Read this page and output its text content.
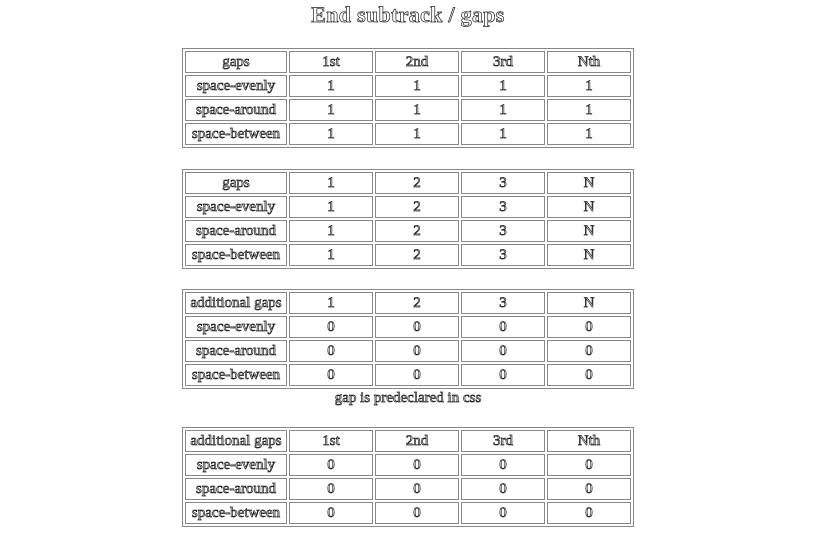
End subtrack / gaps
gaps	1st	2nd	3rd	Nth
space-evenly	1	1	1	1
space-around	1	1	1	1
space-between	1	1	1	1
gaps	1	2	3	N
space-evenly	1	2	3	N
space-around	1	2	3	N
space-between	1	2	3	N
additional gaps	1	2	3	N
space-evenly	0	0	0	0
space-around	0	0	0	0
space-between	0	0	0	0
gap is predeclared in css
additional gaps	1st	2nd	3rd	Nth
space-evenly	0	0	0	0
space-around	0	0	0	0
space-between	0	0	0	0
